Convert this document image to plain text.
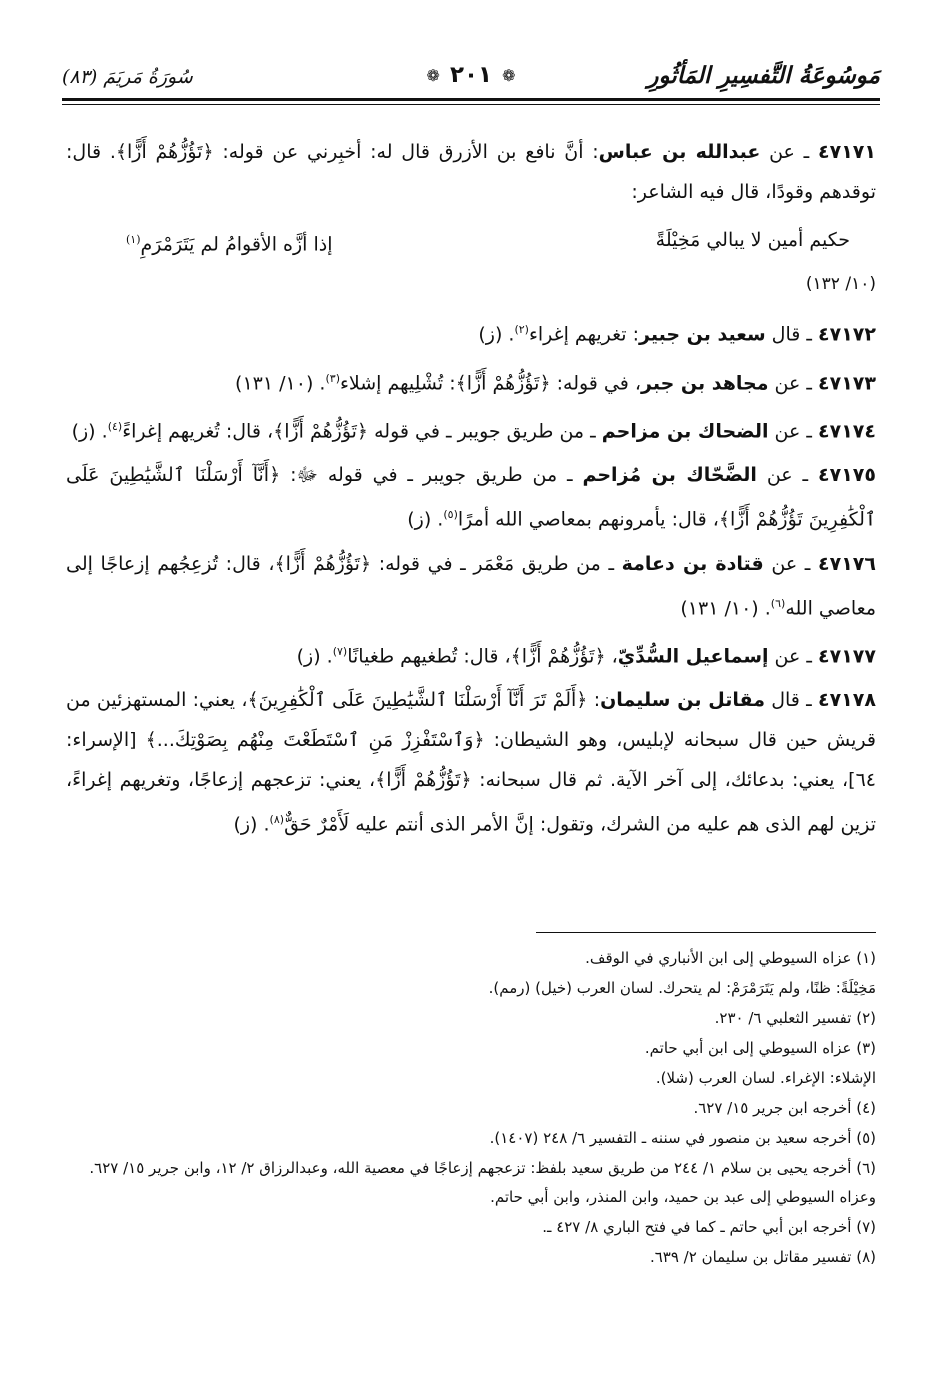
مَوسُوعَةُ التَّفسِيرِ المَأثُورِ
❁
٢٠١
❁
سُورَةُ مَريَمَ (٨٣)

٤٧١٧١ ـ عن عبدالله بن عباس: أنَّ نافع بن الأزرق قال له: أخبِرني عن قوله: ﴿تَؤُزُّهُمْ أَزًّا﴾. قال: توقدهم وقودًا، قال فيه الشاعر:

حكيم أمين لا يبالي مَخِيْلَةً
إذا أزَّه الأقوامُ لم يَتَرَمْرَمِ$^{(١)}$
(١٠/ ١٣٢)

٤٧١٧٢ ـ قال سعيد بن جبير: تغريهم إغراء$^{(٢)}$. (ز)

٤٧١٧٣ ـ عن مجاهد بن جبر، في قوله: ﴿تَؤُزُّهُمْ أَزًّا﴾: تُشْلِيهم إشلاء$^{(٣)}$. (١٠/ ١٣١)

٤٧١٧٤ ـ عن الضحاك بن مزاحم ـ من طريق جويبر ـ في قوله ﴿تَؤُزُّهُمْ أَزًّا﴾، قال: تُغريهم إغراءً$^{(٤)}$. (ز)

٤٧١٧٥ ـ عن الضَّحّاك بن مُزاحم ـ من طريق جويبر ـ في قوله ﷻ: ﴿أَنَّآ أَرْسَلْنَا ٱلشَّيَٰطِينَ عَلَى ٱلْكَٰفِرِينَ تَؤُزُّهُمْ أَزًّا﴾، قال: يأمرونهم بمعاصي الله أمرًا$^{(٥)}$. (ز)

٤٧١٧٦ ـ عن قتادة بن دعامة ـ من طريق مَعْمَر ـ في قوله: ﴿تَؤُزُّهُمْ أَزًّا﴾، قال: تُزعِجُهم إزعاجًا إلى معاصي الله$^{(٦)}$. (١٠/ ١٣١)

٤٧١٧٧ ـ عن إسماعيل السُّدِّيّ، ﴿تَؤُزُّهُمْ أَزًّا﴾، قال: تُطغيهم طغيانًا$^{(٧)}$. (ز)

٤٧١٧٨ ـ قال مقاتل بن سليمان: ﴿أَلَمْ تَرَ أَنَّآ أَرْسَلْنَا ٱلشَّيَٰطِينَ عَلَى ٱلْكَٰفِرِينَ﴾، يعني: المستهزئين من قريش حين قال سبحانه لإبليس، وهو الشيطان: ﴿وَٱسْتَفْزِزْ مَنِ ٱسْتَطَعْتَ مِنْهُم بِصَوْتِكَ...﴾ [الإسراء: ٦٤]، يعني: بدعائك، إلى آخر الآية. ثم قال سبحانه: ﴿تَؤُزُّهُمْ أَزًّا﴾، يعني: تزعجهم إزعاجًا، وتغريهم إغراءً، تزين لهم الذى هم عليه من الشرك، وتقول: إنَّ الأمر الذى أنتم عليه لَأَمْرٌ حَقٌّ$^{(٨)}$. (ز)

(١) عزاه السيوطي إلى ابن الأنباري في الوقف.

مَخِيْلَةً: ظنًا، ولم يَتَرَمْرَمْ: لم يتحرك. لسان العرب (خيل) (رمم).

(٢) تفسير الثعلبي ٦/ ٢٣٠.

(٣) عزاه السيوطي إلى ابن أبي حاتم.

الإشلاء: الإغراء. لسان العرب (شلا).

(٤) أخرجه ابن جرير ١٥/ ٦٢٧.

(٥) أخرجه سعيد بن منصور في سننه ـ التفسير ٦/ ٢٤٨ (١٤٠٧).

(٦) أخرجه يحيى بن سلام ١/ ٢٤٤ من طريق سعيد بلفظ: تزعجهم إزعاجًا في معصية الله، وعبدالرزاق ٢/ ١٢، وابن جرير ١٥/ ٦٢٧. وعزاه السيوطي إلى عبد بن حميد، وابن المنذر، وابن أبي حاتم.

(٧) أخرجه ابن أبي حاتم ـ كما في فتح الباري ٨/ ٤٢٧ ـ.

(٨) تفسير مقاتل بن سليمان ٢/ ٦٣٩.
